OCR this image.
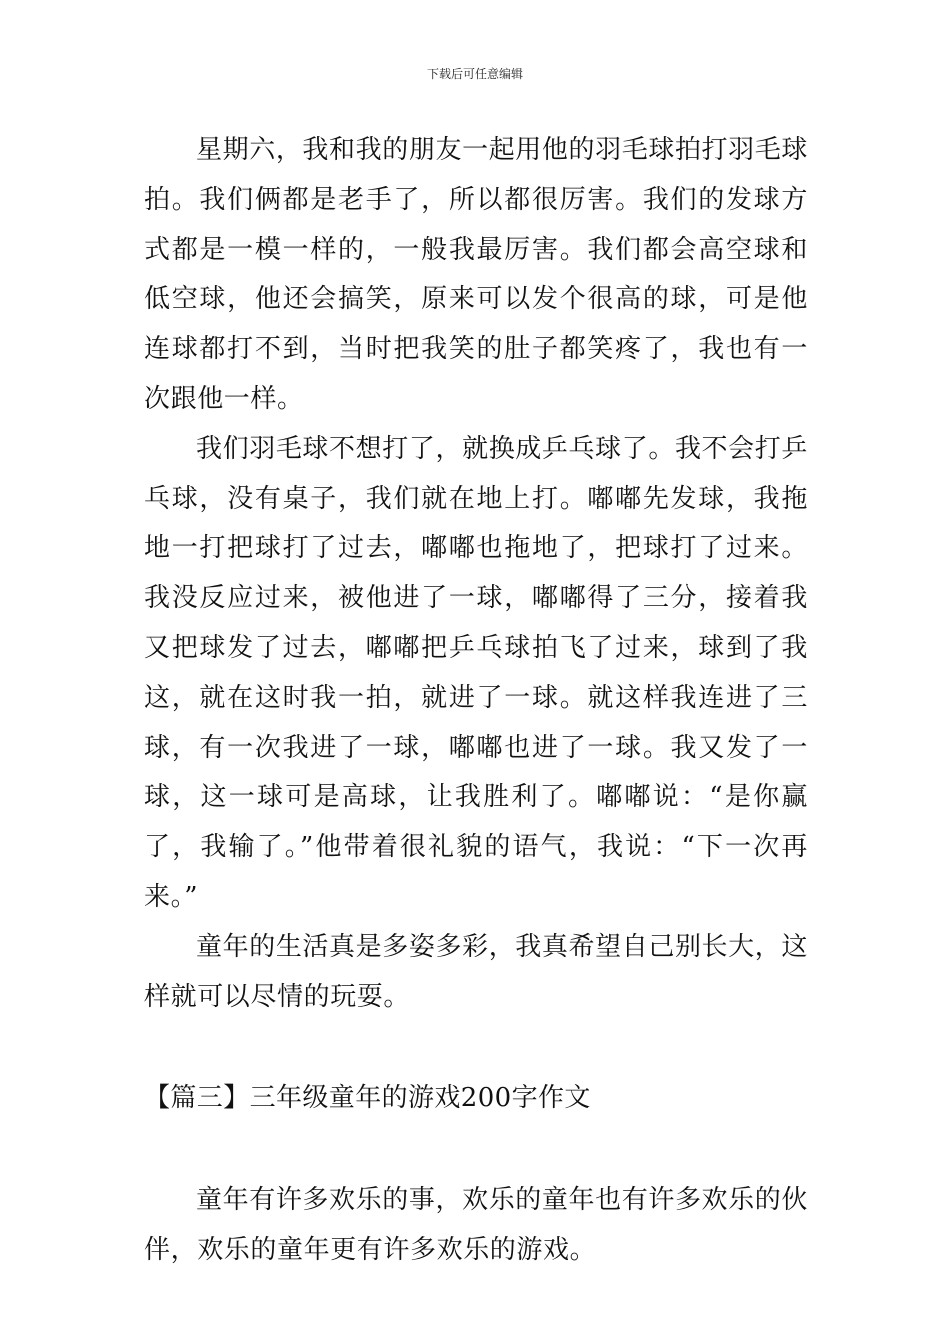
下载后可任意编辑

星期六，我和我的朋友一起用他的羽毛球拍打羽毛球拍。我们俩都是老手了，所以都很厉害。我们的发球方式都是一模一样的，一般我最厉害。我们都会高空球和低空球，他还会搞笑，原来可以发个很高的球，可是他连球都打不到，当时把我笑的肚子都笑疼了，我也有一次跟他一样。

我们羽毛球不想打了，就换成乒乓球了。我不会打乒乓球，没有桌子，我们就在地上打。嘟嘟先发球，我拖地一打把球打了过去，嘟嘟也拖地了，把球打了过来。我没反应过来，被他进了一球，嘟嘟得了三分，接着我又把球发了过去，嘟嘟把乒乓球拍飞了过来，球到了我这，就在这时我一拍，就进了一球。就这样我连进了三球，有一次我进了一球，嘟嘟也进了一球。我又发了一球，这一球可是高球，让我胜利了。嘟嘟说：“是你赢了，我输了。”他带着很礼貌的语气，我说：“下一次再来。”

童年的生活真是多姿多彩，我真希望自己别长大，这样就可以尽情的玩耍。

【篇三】三年级童年的游戏200字作文

童年有许多欢乐的事，欢乐的童年也有许多欢乐的伙伴，欢乐的童年更有许多欢乐的游戏。
